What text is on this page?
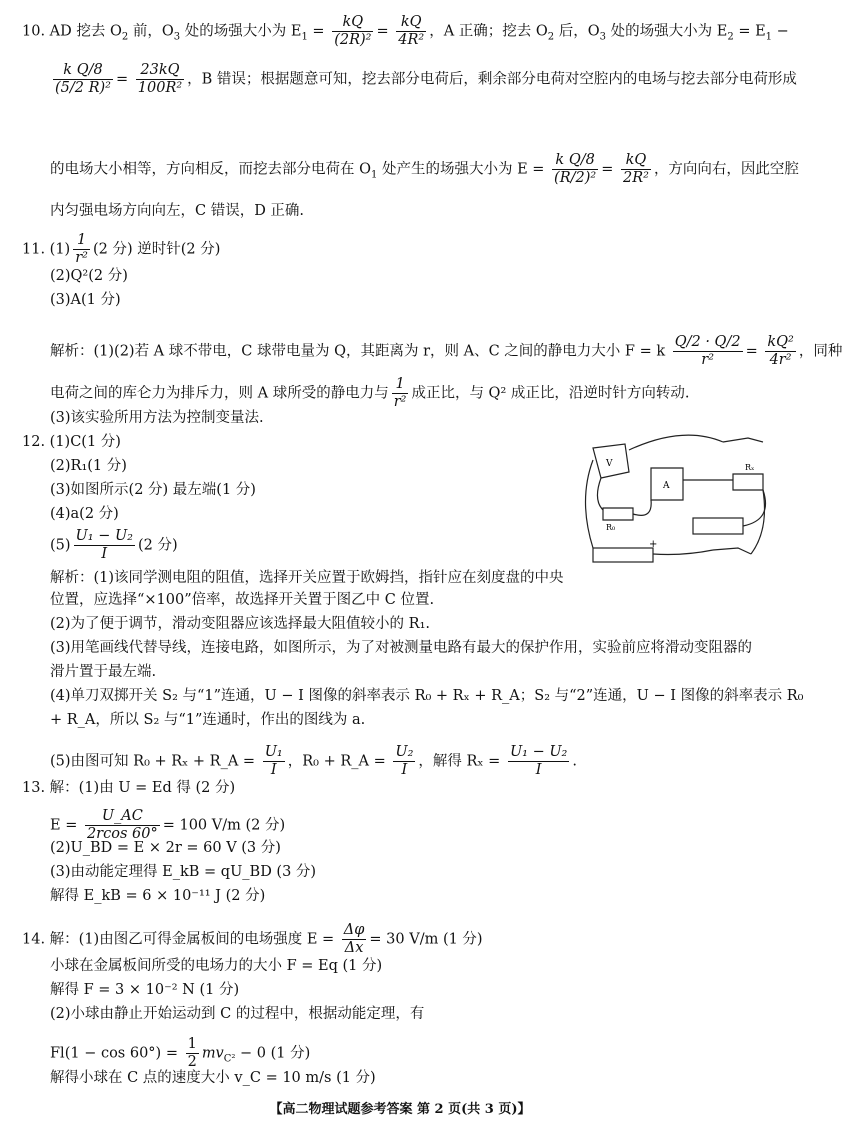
10. AD 挖去 $O_2$ 前，$O_3$ 处的场强大小为 $E_1 = \frac{kQ}{\text{(2R)²}} = \frac{kQ}{\text{4R²}}$ ，A 正确；挖去 $O_2$ 后，$O_3$ 处的场强大小为 $E_2 = E_1$ −
$\frac{\text{k Q/8}}{\text{(5/2 R)²}} = \frac{23kQ}{\text{100R²}}$ ，B 错误；根据题意可知，挖去部分电荷后，剩余部分电荷对空腔内的电场与挖去部分电荷形成
的电场大小相等，方向相反，而挖去部分电荷在 $O_1$ 处产生的场强大小为 $E = \frac{\text{k Q/8}}{\text{(R/2)²}} = \frac{kQ}{\text{2R²}}$ ，方向向右，因此空腔
内匀强电场方向向左，C 错误，D 正确.
11. $(1) \frac{1}{\text{r²}} (2$ 分) 逆时针(2 分)
(2)Q²(2 分)
(3)A(1 分)
解析：(1)(2)若 A 球不带电，C 球带电量为 Q，其距离为 r，则 A、C 之间的静电力大小 F = k $\frac{Q/2 \cdot Q/2}{\text{r²}} = \frac{\text{kQ²}}{\text{4r²}}$ ，同种
电荷之间的库仑力为排斥力，则 A 球所受的静电力与 $\frac{1}{\text{r²}}$ 成正比，与 Q² 成正比，沿逆时针方向转动.
(3)该实验所用方法为控制变量法.
12. (1)C(1 分)
(2)R₁(1 分)
(3)如图所示(2 分) 最左端(1 分)
(4)a(2 分)
$(5) \frac{\text{U₁ − U₂}}{I} (2$ 分)
V
A
R₀
Rₓ
+
解析：(1)该同学测电阻的阻值，选择开关应置于欧姆挡，指针应在刻度盘的中央
位置，应选择“×100”倍率，故选择开关置于图乙中 C 位置.
(2)为了便于调节，滑动变阻器应该选择最大阻值较小的 R₁.
(3)用笔画线代替导线，连接电路，如图所示，为了对被测量电路有最大的保护作用，实验前应将滑动变阻器的
滑片置于最左端.
(4)单刀双掷开关 S₂ 与“1”连通，U − I 图像的斜率表示 R₀ + Rₓ + R_A；S₂ 与“2”连通，U − I 图像的斜率表示 R₀
+ R_A，所以 S₂ 与“1”连通时，作出的图线为 a.
(5)由图可知 R₀ + Rₓ + R_A = $\frac{\text{U₁}}{I}$ ，R₀ + R_A = $\frac{\text{U₂}}{I}$ ，解得 $R_x = \frac{\text{U₁ − U₂}}{I}$ .
13. 解：(1)由 U = Ed 得 (2 分)
$E = \frac{U\_AC}{2rcos 60^\circ} = 100$ V/m (2 分)
(2)U_BD = E × 2r = 60 V (3 分)
(3)由动能定理得 E_kB = qU_BD (3 分)
解得 E_kB = 6 × 10⁻¹¹ J (2 分)
14. 解：(1)由图乙可得金属板间的电场强度 $E = \frac{\Delta\varphi}{\Delta x} = 30$ V/m (1 分)
小球在金属板间所受的电场力的大小 F = Eq (1 分)
解得 F = 3 × 10⁻² N (1 分)
(2)小球由静止开始运动到 C 的过程中，根据动能定理，有
$Fl(1 - \cos 60^\circ) = \frac{1}{2} mv_{C^2} - 0$ (1 分)
解得小球在 C 点的速度大小 v_C = 10 m/s (1 分)
【高二物理试题参考答案 第 2 页(共 3 页)】
